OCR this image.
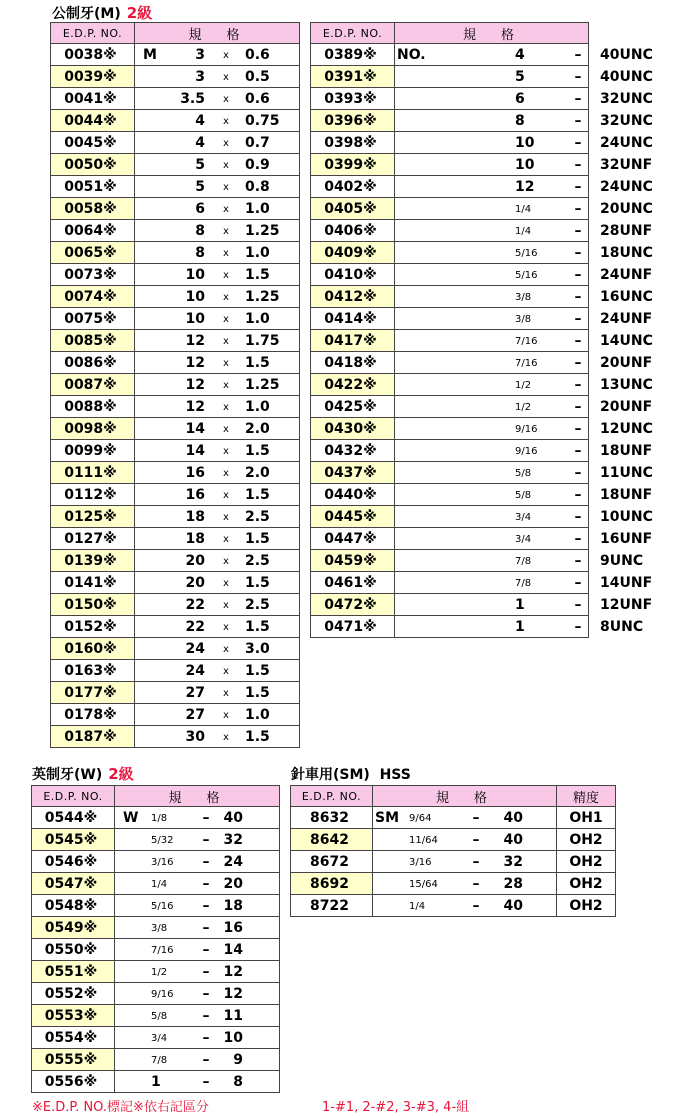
公制牙(M) 2級
E.D.P. NO.	規　格
0038※	M 3 x 0.6

0039※	3 x 0.5

0041※	3.5 x 0.6

0044※	4 x 0.75

0045※	4 x 0.7

0050※	5 x 0.9

0051※	5 x 0.8

0058※	6 x 1.0

0064※	8 x 1.25

0065※	8 x 1.0

0073※	10 x 1.5

0074※	10 x 1.25

0075※	10 x 1.0

0085※	12 x 1.75

0086※	12 x 1.5

0087※	12 x 1.25

0088※	12 x 1.0

0098※	14 x 2.0

0099※	14 x 1.5

0111※	16 x 2.0

0112※	16 x 1.5

0125※	18 x 2.5

0127※	18 x 1.5

0139※	20 x 2.5

0141※	20 x 1.5

0150※	22 x 2.5

0152※	22 x 1.5

0160※	24 x 3.0

0163※	24 x 1.5

0177※	27 x 1.5

0178※	27 x 1.0

0187※	30 x 1.5
E.D.P. NO.	規　格
0389※	NO. 4 – 40UNC

0391※	5 – 40UNC

0393※	6 – 32UNC

0396※	8 – 32UNC

0398※	10 – 24UNC

0399※	10 – 32UNF

0402※	12 – 24UNC

0405※	1/4 – 20UNC

0406※	1/4 – 28UNF

0409※	5/16 – 18UNC

0410※	5/16 – 24UNF

0412※	3/8 – 16UNC

0414※	3/8 – 24UNF

0417※	7/16 – 14UNC

0418※	7/16 – 20UNF

0422※	1/2 – 13UNC

0425※	1/2 – 20UNF

0430※	9/16 – 12UNC

0432※	9/16 – 18UNF

0437※	5/8 – 11UNC

0440※	5/8 – 18UNF

0445※	3/4 – 10UNC

0447※	3/4 – 16UNF

0459※	7/8 – 9UNC

0461※	7/8 – 14UNF

0472※	1 – 12UNF

0471※	1 – 8UNC
英制牙(W) 2級
E.D.P. NO.	規　格
0544※	W 1/8 – 40

0545※	5/32 – 32

0546※	3/16 – 24

0547※	1/4 – 20

0548※	5/16 – 18

0549※	3/8 – 16

0550※	7/16 – 14

0551※	1/2 – 12

0552※	9/16 – 12

0553※	5/8 – 11

0554※	3/4 – 10

0555※	7/8 – 9

0556※	1 – 8
針車用(SM) HSS
E.D.P. NO.	規　格	精度
8632	SM 9/64 – 40	OH1
8642	11/64 – 40	OH2
8672	3/16 – 32	OH2
8692	15/64 – 28	OH2
8722	1/4 – 40	OH2
※E.D.P. NO.標記※依右記區分	1-#1, 2-#2, 3-#3, 4-組
